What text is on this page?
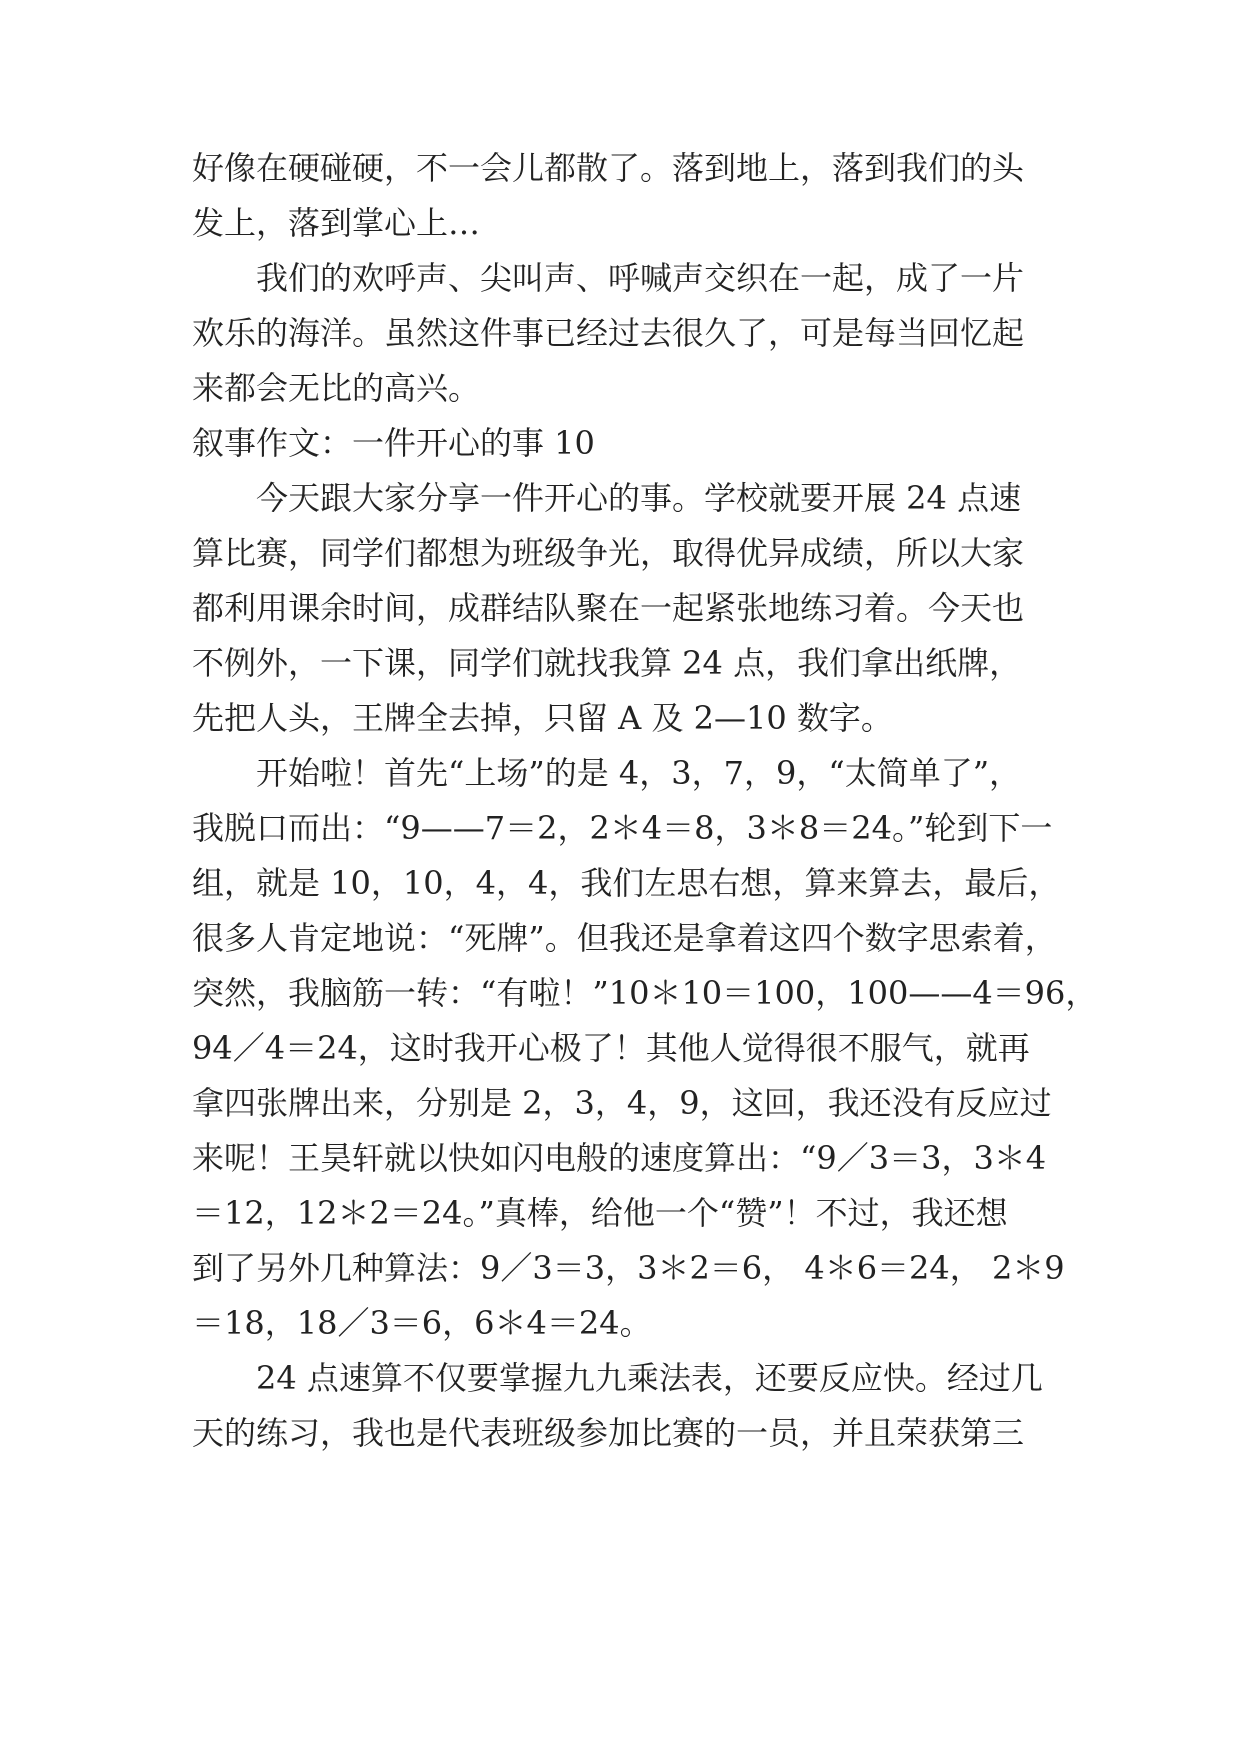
好像在硬碰硬，不一会儿都散了。落到地上，落到我们的头
发上，落到掌心上…
我们的欢呼声、尖叫声、呼喊声交织在一起，成了一片
欢乐的海洋。虽然这件事已经过去很久了，可是每当回忆起
来都会无比的高兴。
叙事作文：一件开心的事 10
今天跟大家分享一件开心的事。学校就要开展 24 点速
算比赛，同学们都想为班级争光，取得优异成绩，所以大家
都利用课余时间，成群结队聚在一起紧张地练习着。今天也
不例外，一下课，同学们就找我算 24 点，我们拿出纸牌，
先把人头，王牌全去掉，只留 A 及 2—10 数字。
开始啦！首先“上场”的是 4，3，7，9，“太简单了”，
我脱口而出：“9——7＝2，2＊4＝8，3＊8＝24。”轮到下一
组，就是 10，10，4，4，我们左思右想，算来算去，最后，
很多人肯定地说：“死牌”。但我还是拿着这四个数字思索着，
突然，我脑筋一转：“有啦！”10＊10＝100，100——4＝96，
94／4＝24，这时我开心极了！其他人觉得很不服气，就再
拿四张牌出来，分别是 2，3，4，9，这回，我还没有反应过
来呢！王昊轩就以快如闪电般的速度算出：“9／3＝3，3＊4
＝12，12＊2＝24。”真棒，给他一个“赞”！不过，我还想
到了另外几种算法：9／3＝3，3＊2＝6， 4＊6＝24， 2＊9
＝18，18／3＝6，6＊4＝24。
24 点速算不仅要掌握九九乘法表，还要反应快。经过几
天的练习，我也是代表班级参加比赛的一员，并且荣获第三
